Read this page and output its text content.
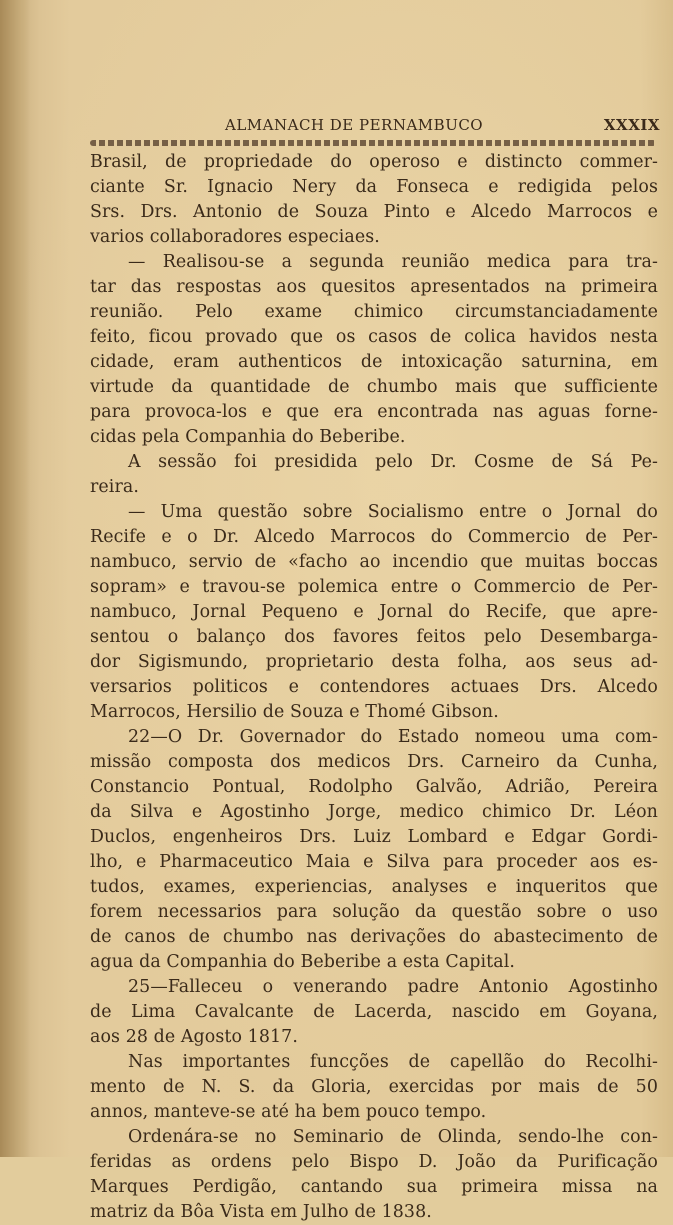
ALMANACH DE PERNAMBUCO	XXXIX
Brasil, de propriedade do operoso e distincto commer-
ciante Sr. Ignacio Nery da Fonseca e redigida pelos
Srs. Drs. Antonio de Souza Pinto e Alcedo Marrocos e
varios collaboradores especiaes.
— Realisou-se a segunda reunião medica para tra-
tar das respostas aos quesitos apresentados na primeira
reunião. Pelo exame chimico circumstanciadamente
feito, ficou provado que os casos de colica havidos nesta
cidade, eram authenticos de intoxicação saturnina, em
virtude da quantidade de chumbo mais que sufficiente
para provoca-los e que era encontrada nas aguas forne-
cidas pela Companhia do Beberibe.
A sessão foi presidida pelo Dr. Cosme de Sá Pe-
reira.
— Uma questão sobre Socialismo entre o Jornal do
Recife e o Dr. Alcedo Marrocos do Commercio de Per-
nambuco, servio de «facho ao incendio que muitas boccas
sopram» e travou-se polemica entre o Commercio de Per-
nambuco, Jornal Pequeno e Jornal do Recife, que apre-
sentou o balanço dos favores feitos pelo Desembarga-
dor Sigismundo, proprietario desta folha, aos seus ad-
versarios politicos e contendores actuaes Drs. Alcedo
Marrocos, Hersilio de Souza e Thomé Gibson.
22—O Dr. Governador do Estado nomeou uma com-
missão composta dos medicos Drs. Carneiro da Cunha,
Constancio Pontual, Rodolpho Galvão, Adrião, Pereira
da Silva e Agostinho Jorge, medico chimico Dr. Léon
Duclos, engenheiros Drs. Luiz Lombard e Edgar Gordi-
lho, e Pharmaceutico Maia e Silva para proceder aos es-
tudos, exames, experiencias, analyses e inqueritos que
forem necessarios para solução da questão sobre o uso
de canos de chumbo nas derivações do abastecimento de
agua da Companhia do Beberibe a esta Capital.
25—Falleceu o venerando padre Antonio Agostinho
de Lima Cavalcante de Lacerda, nascido em Goyana,
aos 28 de Agosto 1817.
Nas importantes funcções de capellão do Recolhi-
mento de N. S. da Gloria, exercidas por mais de 50
annos, manteve-se até ha bem pouco tempo.
Ordenára-se no Seminario de Olinda, sendo-lhe con-
feridas as ordens pelo Bispo D. João da Purificação
Marques Perdigão, cantando sua primeira missa na
matriz da Bôa Vista em Julho de 1838.
